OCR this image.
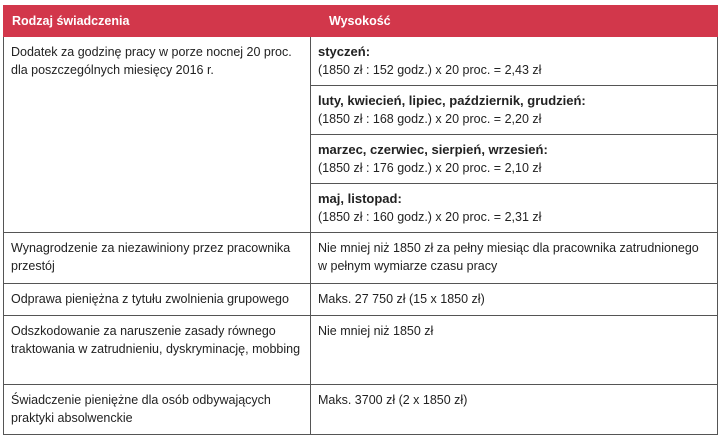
Rodzaj świadczenia	Wysokość
Dodatek za godzinę pracy w porze nocnej 20 proc. dla poszczególnych miesięcy 2016 r.	styczeń:
(1850 zł : 152 godz.) x 20 proc. = 2,43 zł

	luty, kwiecień, lipiec, październik, grudzień:
(1850 zł : 168 godz.) x 20 proc. = 2,20 zł

	marzec, czerwiec, sierpień, wrzesień:
(1850 zł : 176 godz.) x 20 proc. = 2,10 zł

	maj, listopad:
(1850 zł : 160 godz.) x 20 proc. = 2,31 zł

Wynagrodzenie za niezawiniony przez pracownika przestój	Nie mniej niż 1850 zł za pełny miesiąc dla pracownika zatrudnionego w pełnym wymiarze czasu pracy
Odprawa pieniężna z tytułu zwolnienia grupowego	Maks. 27 750 zł (15 x 1850 zł)
Odszkodowanie za naruszenie zasady równego traktowania w zatrudnieniu, dyskryminację, mobbing	Nie mniej niż 1850 zł
Świadczenie pieniężne dla osób odbywających praktyki absolwenckie	Maks. 3700 zł (2 x 1850 zł)
